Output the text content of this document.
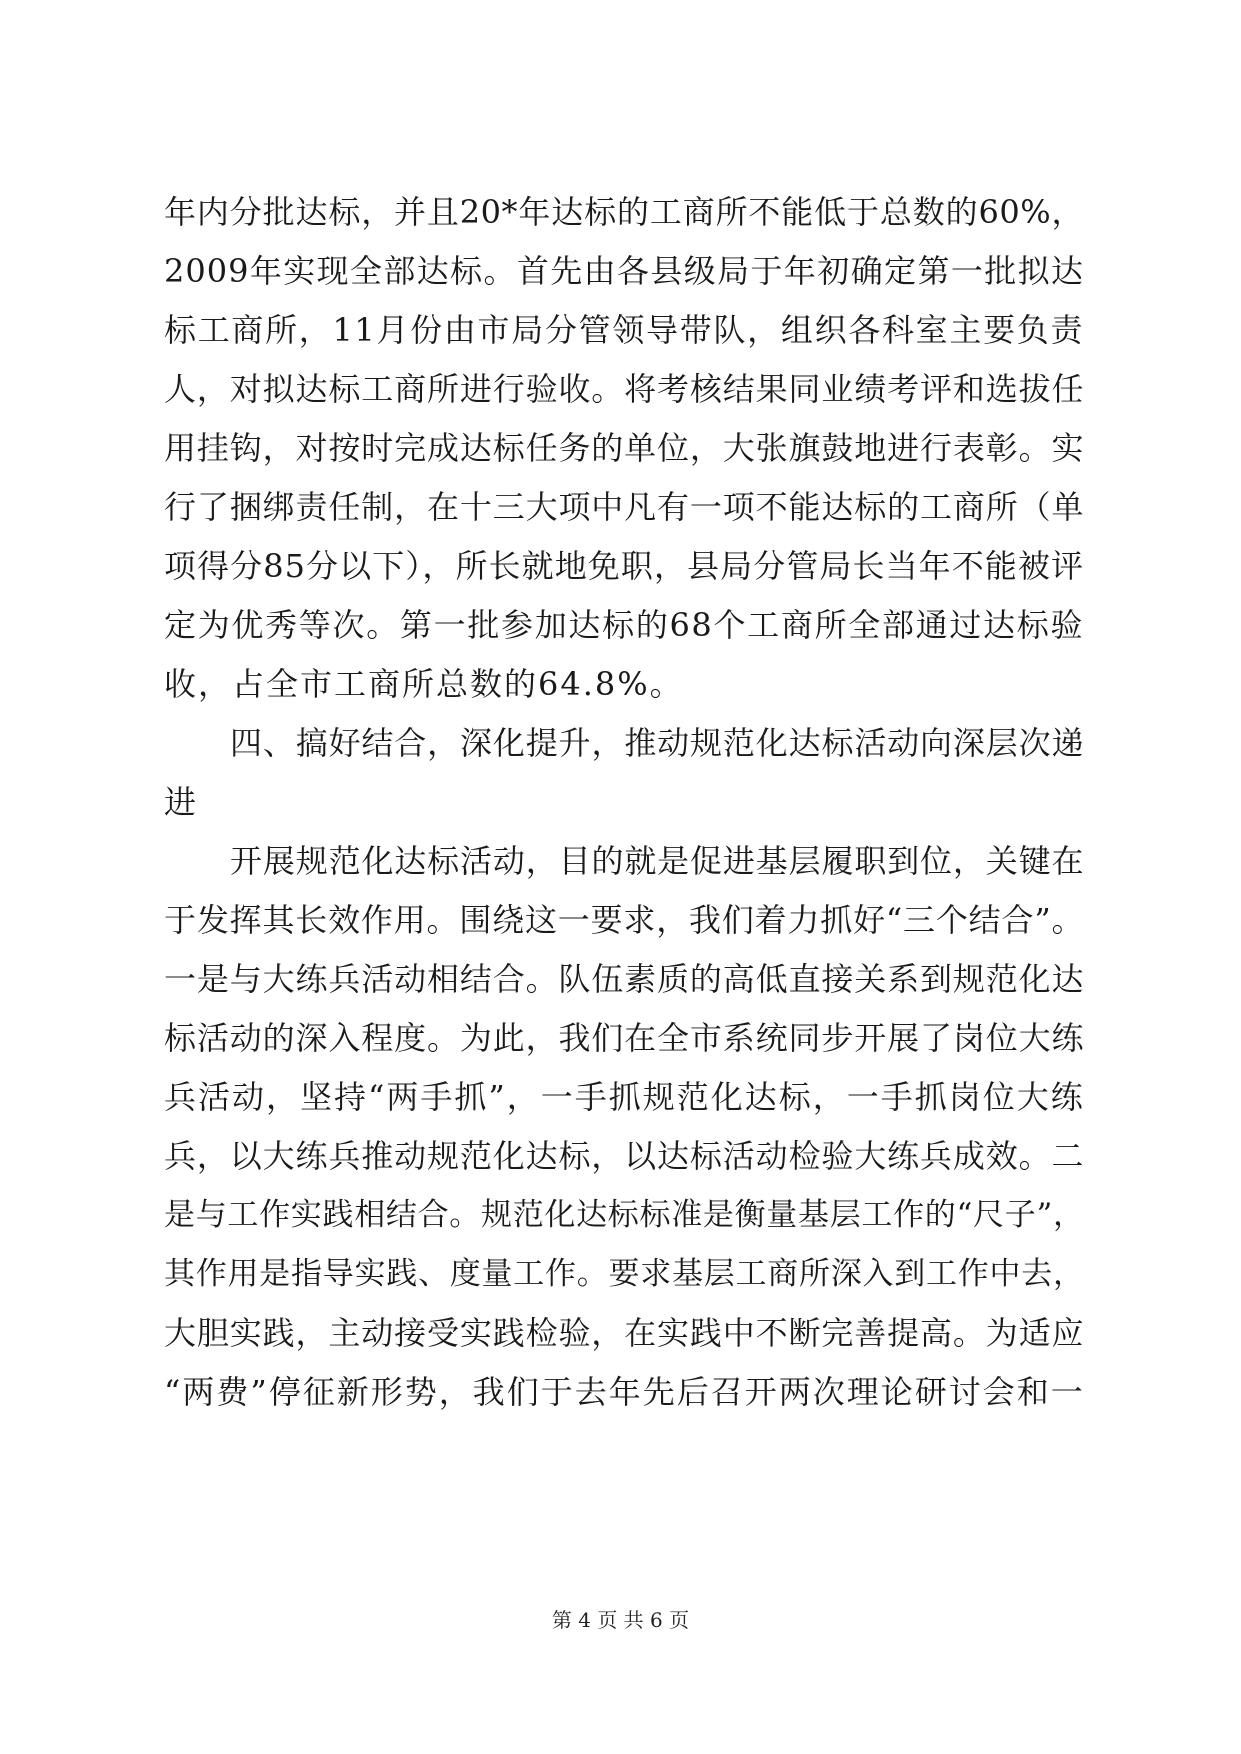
年内分批达标，并且20*年达标的工商所不能低于总数的60%，
2009年实现全部达标。首先由各县级局于年初确定第一批拟达
标工商所，11月份由市局分管领导带队，组织各科室主要负责
人，对拟达标工商所进行验收。将考核结果同业绩考评和选拔任
用挂钩，对按时完成达标任务的单位，大张旗鼓地进行表彰。实
行了捆绑责任制，在十三大项中凡有一项不能达标的工商所（单
项得分85分以下），所长就地免职，县局分管局长当年不能被评
定为优秀等次。第一批参加达标的68个工商所全部通过达标验
收，占全市工商所总数的64.8%。
四、搞好结合，深化提升，推动规范化达标活动向深层次递
进
开展规范化达标活动，目的就是促进基层履职到位，关键在
于发挥其长效作用。围绕这一要求，我们着力抓好“三个结合”。
一是与大练兵活动相结合。队伍素质的高低直接关系到规范化达
标活动的深入程度。为此，我们在全市系统同步开展了岗位大练
兵活动，坚持“两手抓”，一手抓规范化达标，一手抓岗位大练
兵，以大练兵推动规范化达标，以达标活动检验大练兵成效。二
是与工作实践相结合。规范化达标标准是衡量基层工作的“尺子”，
其作用是指导实践、度量工作。要求基层工商所深入到工作中去，
大胆实践，主动接受实践检验，在实践中不断完善提高。为适应
“两费”停征新形势，我们于去年先后召开两次理论研讨会和一
第 4 页 共 6 页
